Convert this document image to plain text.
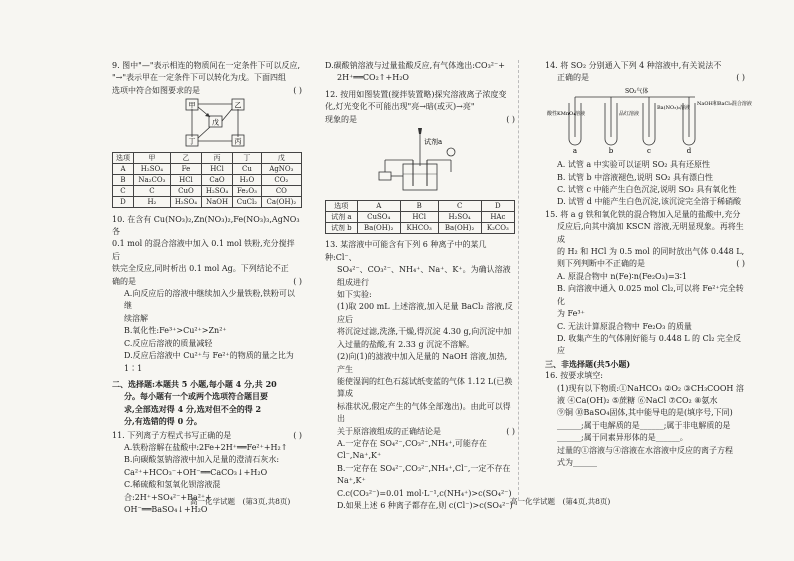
9. 图中"—"表示相连的物质间在一定条件下可以反应,

"→"表示甲在一定条件下可以转化为戊。下面四组

选项中符合如图要求的是	( )

甲	乙
戊
丁	丙
选项	甲	乙	丙	丁	戊
A	H₂SO₄	Fe	HCl	Cu	AgNO₃
B	Na₂CO₃	HCl	CaO	H₂O	CO₂
C	C	CuO	H₂SO₄	Fe₂O₃	CO
D	H₂	H₂SO₄	NaOH	CuCl₂	Ca(OH)₂

10. 在含有 Cu(NO₃)₂,Zn(NO₃)₂,Fe(NO₃)₃,AgNO₃ 各

0.1 mol 的混合溶液中加入 0.1 mol 铁粉,充分搅拌后

铁完全反应,同时析出 0.1 mol Ag。下列结论不正

确的是	( )

A.向反应后的溶液中继续加入少量铁粉,铁粉可以继

续溶解

B.氧化性:Fe³⁺>Cu²⁺>Zn²⁺

C.反应后溶液的质量减轻

D.反应后溶液中 Cu²⁺与 Fe²⁺的物质的量之比为 1∶1

二、选择题:本题共 5 小题,每小题 4 分,共 20

分。每小题有一个或两个选项符合题目要

求,全部选对得 4 分,选对但不全的得 2

分,有选错的得 0 分。

11. 下列离子方程式书写正确的是	( )

A.铁粉溶解在盐酸中:2Fe+2H⁺══Fe²⁺+H₂↑

B.向碳酸氢钠溶液中加入足量的澄清石灰水:

Ca²⁺+HCO₃⁻+OH⁻══CaCO₃↓+H₂O

C.稀硫酸和氢氧化钡溶液混合:2H⁺+SO₄²⁻+Ba²⁺+

OH⁻══BaSO₄↓+H₂O

D.碳酸钠溶液与过量盐酸反应,有气体逸出:CO₃²⁻+

2H⁺══CO₂↑+H₂O

12. 按用如图装置(搅拌装置略)探究溶液离子浓度变

化,灯光变化不可能出现"亮→暗(或灭)→亮"

现象的是	( )

试剂a
选项	A	B	C	D
试剂 a	CuSO₄	HCl	H₂SO₄	HAc
试剂 b	Ba(OH)₂	KHCO₃	Ba(OH)₂	K₂CO₃

13. 某溶液中可能含有下列 6 种离子中的某几种:Cl⁻、

SO₄²⁻、CO₃²⁻、NH₄⁺、Na⁺、K⁺。为确认溶液组成进行

如下实验:

(1)取 200 mL 上述溶液,加入足量 BaCl₂ 溶液,反应后

将沉淀过滤,洗涤,干燥,得沉淀 4.30 g,向沉淀中加

入过量的盐酸,有 2.33 g 沉淀不溶解。

(2)向(1)的滤液中加入足量的 NaOH 溶液,加热,产生

能使湿润的红色石蕊试纸变蓝的气体 1.12 L(已换算成

标准状况,假定产生的气体全部逸出)。由此可以得出

关于原溶液组成的正确结论是	( )

A.一定存在 SO₄²⁻,CO₃²⁻,NH₄⁺,可能存在 Cl⁻,Na⁺,K⁺

B.一定存在 SO₄²⁻,CO₃²⁻,NH₄⁺,Cl⁻,一定不存在 Na⁺,K⁺

C.c(CO₃²⁻)=0.01 mol·L⁻¹,c(NH₄⁺)>c(SO₄²⁻)

D.如果上述 6 种离子都存在,则 c(Cl⁻)>c(SO₄²⁻)

14. 将 SO₂ 分别通入下列 4 种溶液中,有关说法不

正确的是	( )

SO₂气体
酸性KMnO₄溶液	品红溶液
Ba(NO₃)₂溶液
NaOH和BaCl₂混合溶液
a	b	c	d

A. 试管 a 中实验可以证明 SO₂ 具有还原性

B. 试管 b 中溶液褪色,说明 SO₂ 具有漂白性

C. 试管 c 中能产生白色沉淀,说明 SO₂ 具有氧化性

D. 试管 d 中能产生白色沉淀,该沉淀完全溶于稀硝酸

15. 将 a g 铁和氧化铁的混合物加入足量的盐酸中,充分

反应后,向其中滴加 KSCN 溶液,无明显现象。再将生成

的 H₂ 和 HCl 为 0.5 mol 的同时放出气体 0.448 L,

则下列判断中不正确的是	( )

A. 原混合物中 n(Fe)∶n(Fe₂O₃)=3∶1

B. 向溶液中通入 0.025 mol Cl₂,可以将 Fe²⁺完全转化

为 Fe³⁺

C. 无法计算原混合物中 Fe₂O₃ 的质量

D. 收集产生的气体刚好能与 0.448 L 的 Cl₂ 完全反应

三、非选择题(共5小题)

16. 按要求填空:

(1)现有以下物质:①NaHCO₃ ②O₂ ③CH₃COOH 溶

液 ④Ca(OH)₂ ⑤蔗糖 ⑥NaCl ⑦CO₂ ⑧氨水

⑨铜 ⑩BaSO₄固体,其中能导电的是(填序号,下同)

______;属于电解质的是______;属于非电解质的是

______;属于同素异形体的是______。

过量的①溶液与④溶液在水溶液中反应的离子方程

式为______

高一化学试题　(第3页,共8页)	高一化学试题　(第4页,共8页)
